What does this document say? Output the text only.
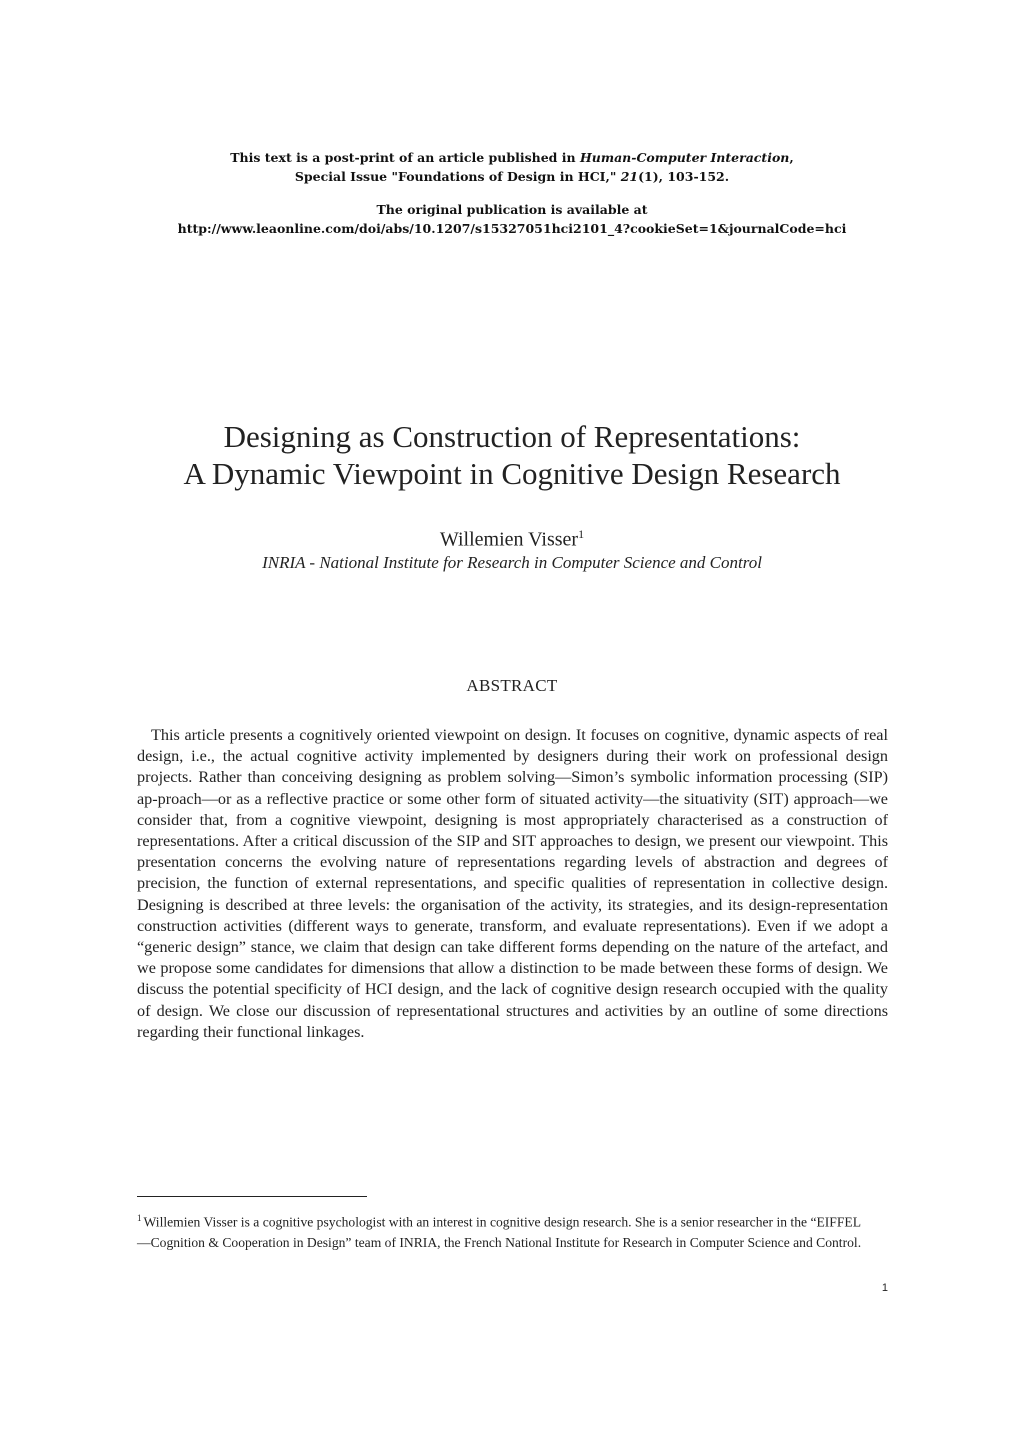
This text is a post-print of an article published in Human-Computer Interaction,
Special Issue "Foundations of Design in HCI," 21(1), 103-152.
The original publication is available at
http://www.leaonline.com/doi/abs/10.1207/s15327051hci2101_4?cookieSet=1&journalCode=hci
Designing as Construction of Representations:
A Dynamic Viewpoint in Cognitive Design Research
Willemien Visser$^1$
INRIA - National Institute for Research in Computer Science and Control
ABSTRACT

This article presents a cognitively oriented viewpoint on design. It focuses on cognitive, dynamic aspects of real design, i.e., the actual cognitive activity implemented by designers during their work on professional design projects. Rather than conceiving designing as problem solving—Simon’s symbolic information processing (SIP) ap-proach—or as a reflective practice or some other form of situated activity—the situativity (SIT) approach—we consider that, from a cognitive viewpoint, designing is most appropriately characterised as a construction of representations. After a critical discussion of the SIP and SIT approaches to design, we present our viewpoint. This presentation concerns the evolving nature of representations regarding levels of abstraction and degrees of precision, the function of external representations, and specific qualities of representation in collective design. Designing is described at three levels: the organisation of the activity, its strategies, and its design-representation construction activities (different ways to generate, transform, and evaluate representations). Even if we adopt a “generic design” stance, we claim that design can take different forms depending on the nature of the artefact, and we propose some candidates for dimensions that allow a distinction to be made between these forms of design. We discuss the potential specificity of HCI design, and the lack of cognitive design research occupied with the quality of design. We close our discussion of representational structures and activities by an outline of some directions regarding their functional linkages.

$^1$ Willemien Visser is a cognitive psychologist with an interest in cognitive design research. She is a senior researcher in the “EIFFEL—Cognition & Cooperation in Design” team of INRIA, the French National Institute for Research in Computer Science and Control.

1
